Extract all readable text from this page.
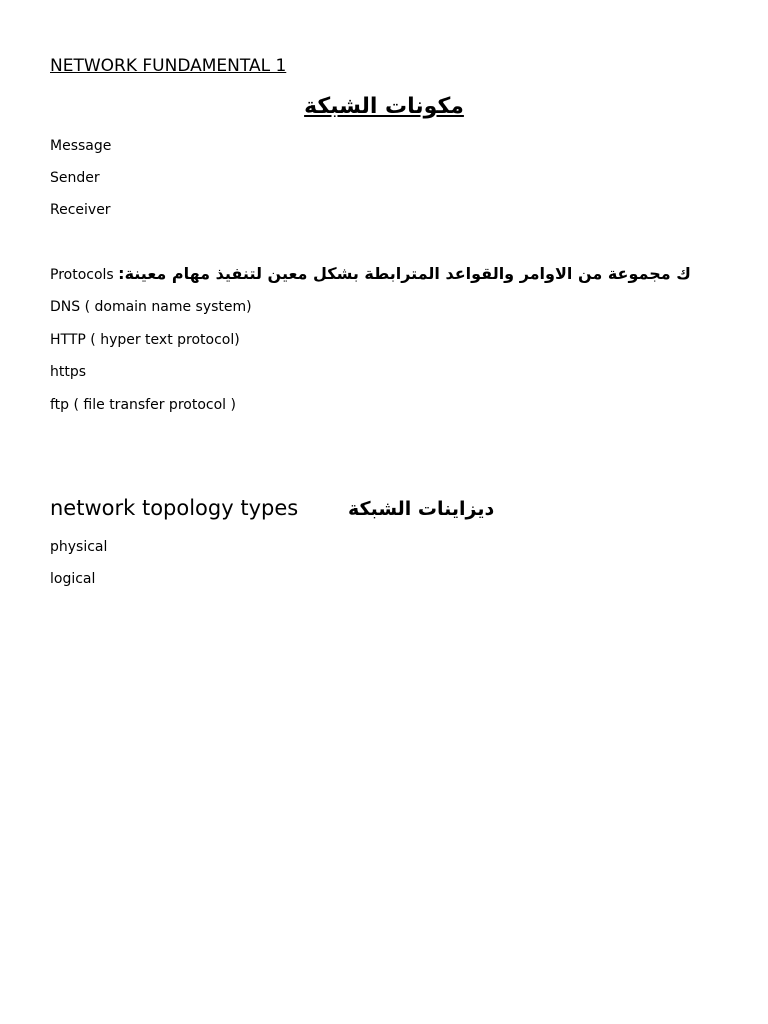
NETWORK FUNDAMENTAL 1
مكونات الشبكة
Message
Sender
Receiver
Protocols ك مجموعة من الاوامر والقواعد المترابطة بشكل معين لتنفيذ مهام معينة:
DNS ( domain name system)
HTTP ( hyper text protocol)
https
ftp ( file transfer protocol )
network topology types	ديزاينات الشبكة
physical
logical
